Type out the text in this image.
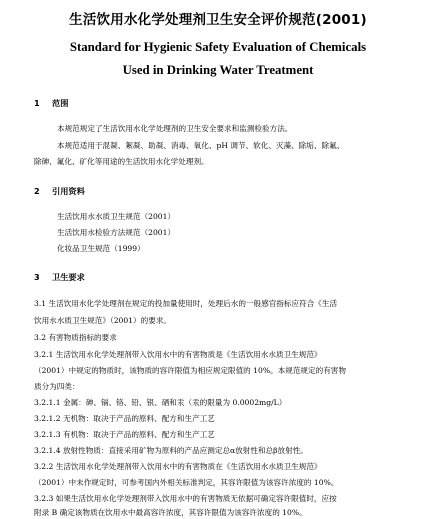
生活饮用水化学处理剂卫生安全评价规范(2001)
Standard for Hygienic Safety Evaluation of Chemicals
Used in Drinking Water Treatment
1 范围
本规范规定了生活饮用水化学处理剂的卫生安全要求和监测检验方法。
本规范适用于混凝、絮凝、助凝、消毒、氧化、pH 调节、软化、灭藻、除垢、除氟、
除砷、氟化、矿化等用途的生活饮用水化学处理剂。
2 引用资料
生活饮用水水质卫生规范（2001）
生活饮用水检验方法规范（2001）
化妆品卫生规范（1999）
3 卫生要求
3.1 生活饮用水化学处理剂在规定的投加量使用时，处理后水的一般感官指标应符合《生活
饮用水水质卫生规范》（2001）的要求。
3.2 有害物质指标的要求
3.2.1 生活饮用水化学处理剂带入饮用水中的有害物质是《生活饮用水水质卫生规范》
（2001）中规定的物质时，该物质的容许限值为相应规定限值的 10%。本规范规定的有害物
质分为四类：
3.2.1.1 金属：砷、镉、铬、铅、银、硒和汞（汞的限量为 0.0002mg/L）
3.2.1.2 无机物：取决于产品的原料、配方和生产工艺
3.2.1.3 有机物：取决于产品的原料、配方和生产工艺
3.2.1.4 放射性物质：直接采用矿物为原料的产品应测定总α放射性和总β放射性。
3.2.2 生活饮用水化学处理剂带入饮用水中的有害物质在《生活饮用水水质卫生规范》
（2001）中未作规定时，可参考国内外相关标准判定，其容许限值为该容许浓度的 10%。
3.2.3 如果生活饮用水化学处理剂带入饮用水中的有害物质无依据可确定容许限值时，应按
附录 B 确定该物质在饮用水中最高容许浓度，其容许限值为该容许浓度的 10%。
